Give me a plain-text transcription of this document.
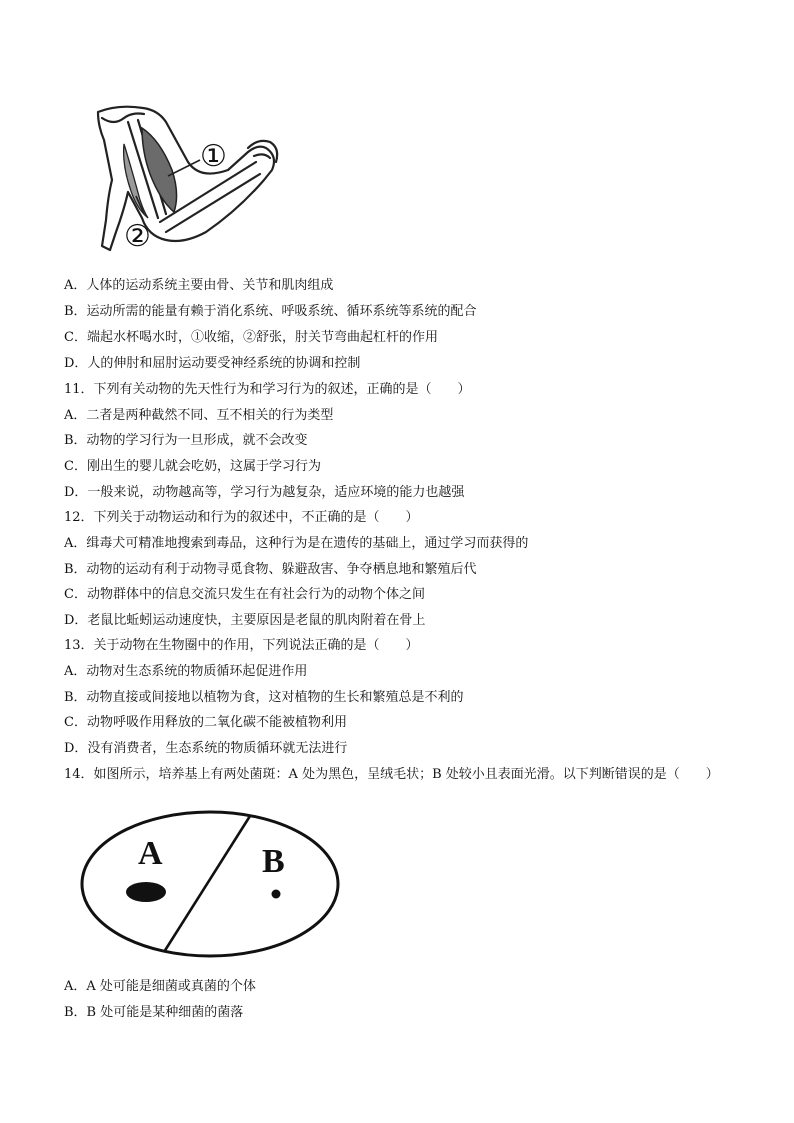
①
②
A．人体的运动系统主要由骨、关节和肌肉组成
B．运动所需的能量有赖于消化系统、呼吸系统、循环系统等系统的配合
C．端起水杯喝水时，①收缩，②舒张，肘关节弯曲起杠杆的作用
D．人的伸肘和屈肘运动要受神经系统的协调和控制
11．下列有关动物的先天性行为和学习行为的叙述，正确的是（　　）
A．二者是两种截然不同、互不相关的行为类型
B．动物的学习行为一旦形成，就不会改变
C．刚出生的婴儿就会吃奶，这属于学习行为
D．一般来说，动物越高等，学习行为越复杂，适应环境的能力也越强
12．下列关于动物运动和行为的叙述中，不正确的是（　　）
A．缉毒犬可精准地搜索到毒品，这种行为是在遗传的基础上，通过学习而获得的
B．动物的运动有利于动物寻觅食物、躲避敌害、争夺栖息地和繁殖后代
C．动物群体中的信息交流只发生在有社会行为的动物个体之间
D．老鼠比蚯蚓运动速度快，主要原因是老鼠的肌肉附着在骨上
13．关于动物在生物圈中的作用，下列说法正确的是（　　）
A．动物对生态系统的物质循环起促进作用
B．动物直接或间接地以植物为食，这对植物的生长和繁殖总是不利的
C．动物呼吸作用释放的二氧化碳不能被植物利用
D．没有消费者，生态系统的物质循环就无法进行
14．如图所示，培养基上有两处菌斑：A 处为黑色，呈绒毛状；B 处较小且表面光滑。以下判断错误的是（　　）
A	B
A．A 处可能是细菌或真菌的个体
B．B 处可能是某种细菌的菌落
